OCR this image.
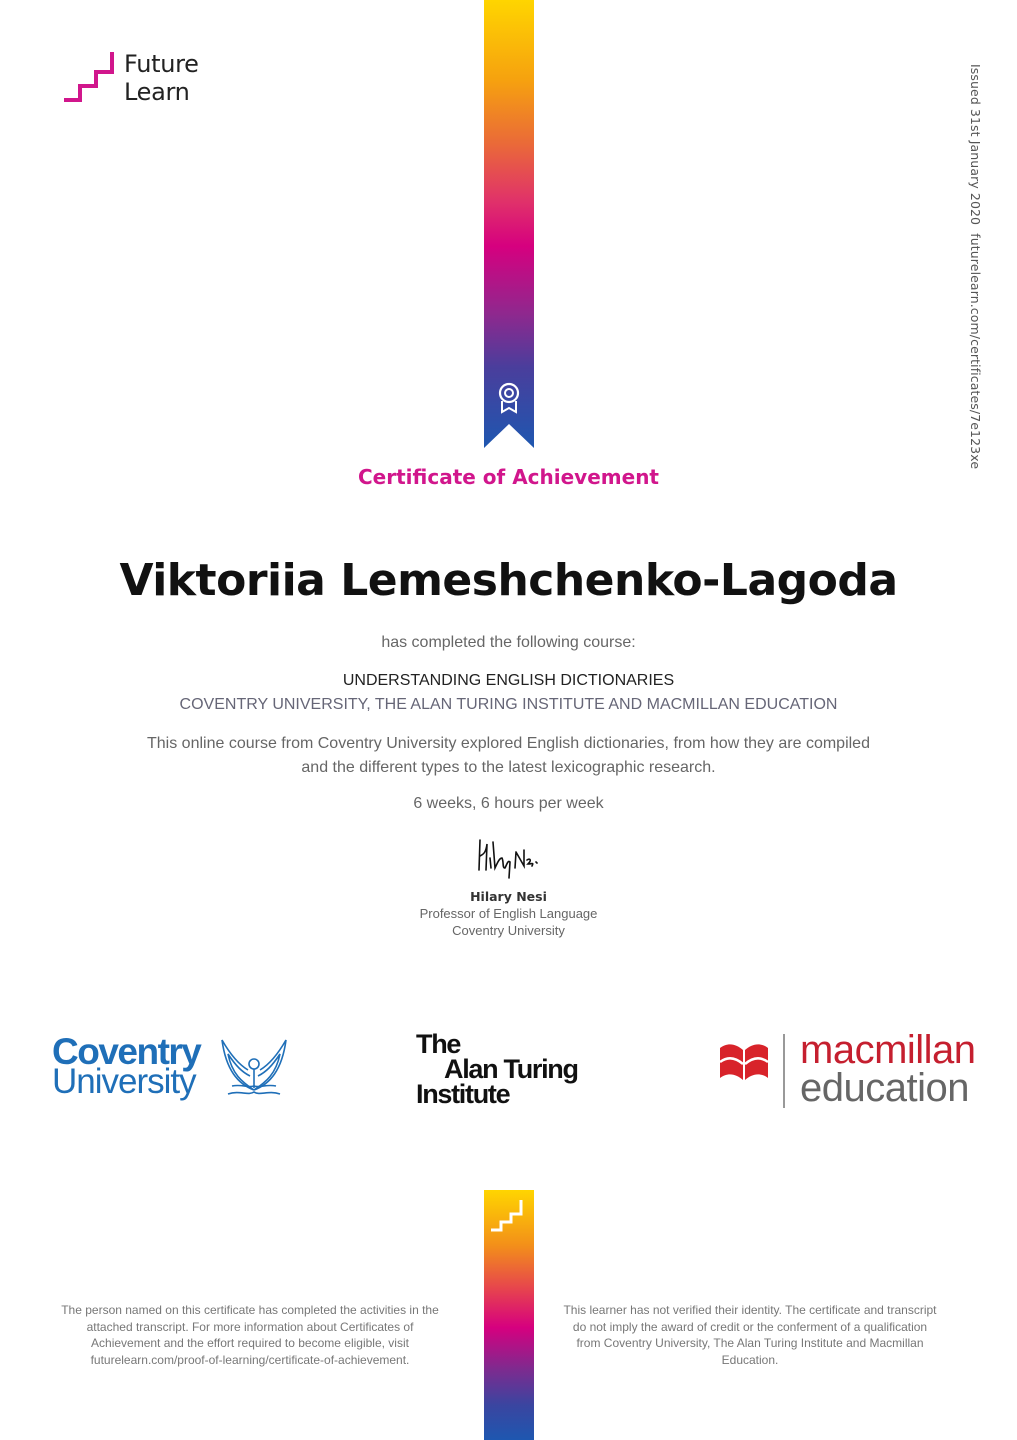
Future
Learn	Issued 31st January 2020  futurelearn.com/certificates/7e123xe
Certificate of Achievement
Viktoriia Lemeshchenko-Lagoda
has completed the following course:
UNDERSTANDING ENGLISH DICTIONARIES
COVENTRY UNIVERSITY, THE ALAN TURING INSTITUTE AND MACMILLAN EDUCATION
This online course from Coventry University explored English dictionaries, from how they are compiled
and the different types to the latest lexicographic research.
6 weeks, 6 hours per week
Hilary Nesi
Professor of English Language
Coventry University
Coventry
University
The
Alan Turing
Institute
macmillan
education
The person named on this certificate has completed the activities in the
attached transcript. For more information about Certificates of
Achievement and the effort required to become eligible, visit
futurelearn.com/proof-of-learning/certificate-of-achievement.
This learner has not verified their identity. The certificate and transcript
do not imply the award of credit or the conferment of a qualification
from Coventry University, The Alan Turing Institute and Macmillan
Education.
